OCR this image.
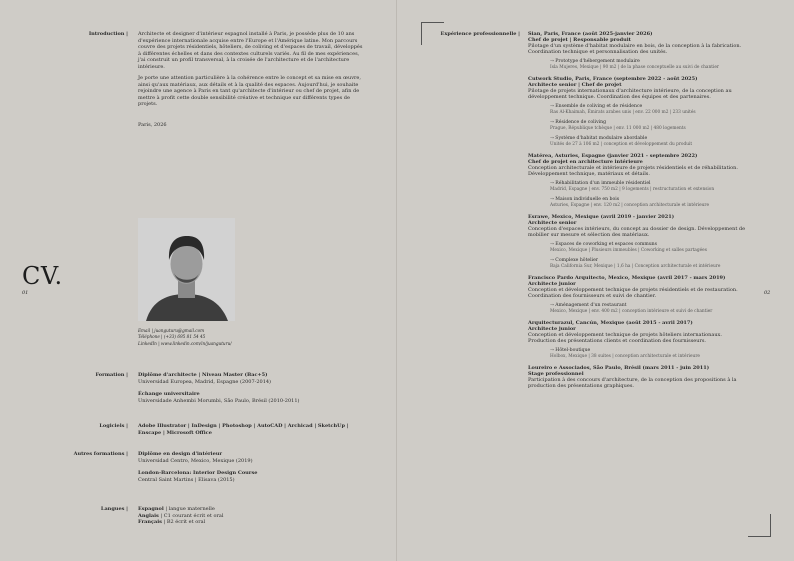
CV.
01	02
Introduction | Architecte et designer d'intérieur espagnol installé à Paris, je possède plus de 10 ans d'expérience internationale acquise entre l'Europe et l'Amérique latine. Mon parcours couvre des projets résidentiels, hôteliers, de coliving et d'espaces de travail, développés à différentes échelles et dans des contextes culturels variés. Au fil de mes expériences, j'ai construit un profil transversal, à la croisée de l'architecture et de l'architecture intérieure.

Je porte une attention particulière à la cohérence entre le concept et sa mise en œuvre, ainsi qu'aux matériaux, aux détails et à la qualité des espaces. Aujourd'hui, je souhaite rejoindre une agence à Paris en tant qu'architecte d'intérieur ou chef de projet, afin de mettre à profit cette double sensibilité créative et technique sur différents types de projets.

Paris, 2026

Email | juanguturu@gmail.com
Téléphone | (+33) 695 81 54 45
LinkedIn | www.linkedin.com/in/juanguturu/
Formation | Diplôme d'architecte | Niveau Master (Bac+5)
Universidad Europea, Madrid, Espagne (2007-2014)
Échange universitaire
Universidade Anhembi Morumbi, São Paulo, Brésil (2010-2011)
Logiciels | Adobe Illustrator | InDesign | Photoshop | AutoCAD | Archicad | SketchUp |
Enscape | Microsoft Office
Autres formations | Diplôme en design d'intérieur
Universidad Centro, Mexico, Mexique (2019)
London-Barcelona: Interior Design Course
Central Saint Martins | Elisava (2015)
Langues | Espagnol | langue maternelle
Anglais | C1 courant écrit et oral
Français | B2 écrit et oral
Expérience professionnelle | Sian, Paris, France (août 2025-janvier 2026)
Chef de projet | Responsable produit
Pilotage d'un système d'habitat modulaire en bois, de la conception à la fabrication. Coordination technique et personnalisation des unités.
→ Prototype d'hébergement modulaire
Isla Mujeres, Mexique | 90 m2 | de la phase conceptuelle au suivi de chantier
Cutwork Studio, Paris, France (septembre 2022 - août 2025)
Architecte senior | Chef de projet
Pilotage de projets internationaux d'architecture intérieure, de la conception au développement technique. Coordination des équipes et des partenaires.
→ Ensemble de coliving et de résidence
Ras Al-Khaimah, Émirats arabes unis | env. 22 000 m2 | 233 unités
→ Résidence de coliving
Prague, République tchèque | env. 11 000 m2 | 480 logements
→ Système d'habitat modulaire abordable
Unités de 27 à 106 m2 | conception et développement du produit
Matérea, Asturies, Espagne (janvier 2021 - septembre 2022)
Chef de projet en architecture intérieure
Conception architecturale et intérieure de projets résidentiels et de réhabilitation. Développement technique, matériaux et détails.
→ Réhabilitation d'un immeuble résidentiel
Madrid, Espagne | env. 750 m2 | 9 logements | restructuration et extension
→ Maison individuelle en bois
Asturies, Espagne | env. 120 m2 | conception architecturale et intérieure
Esrawe, Mexico, Mexique (avril 2019 - janvier 2021)
Architecte senior
Conception d'espaces intérieurs, du concept au dossier de design. Développement de mobilier sur mesure et sélection des matériaux.
→ Espaces de coworking et espaces communs
Mexico, Mexique | Plusieurs immeubles | Coworking et salles partagées
→ Complexe hôtelier
Baja California Sur, Mexique | 1,6 ha | Conception architecturale et intérieure
Francisco Pardo Arquitecto, Mexico, Mexique (avril 2017 - mars 2019)
Architecte junior
Conception et développement technique de projets résidentiels et de restauration. Coordination des fournisseurs et suivi de chantier.
→ Aménagement d'un restaurant
Mexico, Mexique | env. 400 m2 | conception intérieure et suivi de chantier
Arquitecturazul, Cancún, Mexique (août 2015 - avril 2017)
Architecte junior
Conception et développement technique de projets hôteliers internationaux. Production des présentations clients et coordination des fournisseurs.
→ Hôtel-boutique
Holbox, Mexique | 38 suites | conception architecturale et intérieure
Loureiro e Associados, São Paulo, Brésil (mars 2011 - juin 2011)
Stage professionnel
Participation à des concours d'architecture, de la conception des propositions à la production des présentations graphiques.
